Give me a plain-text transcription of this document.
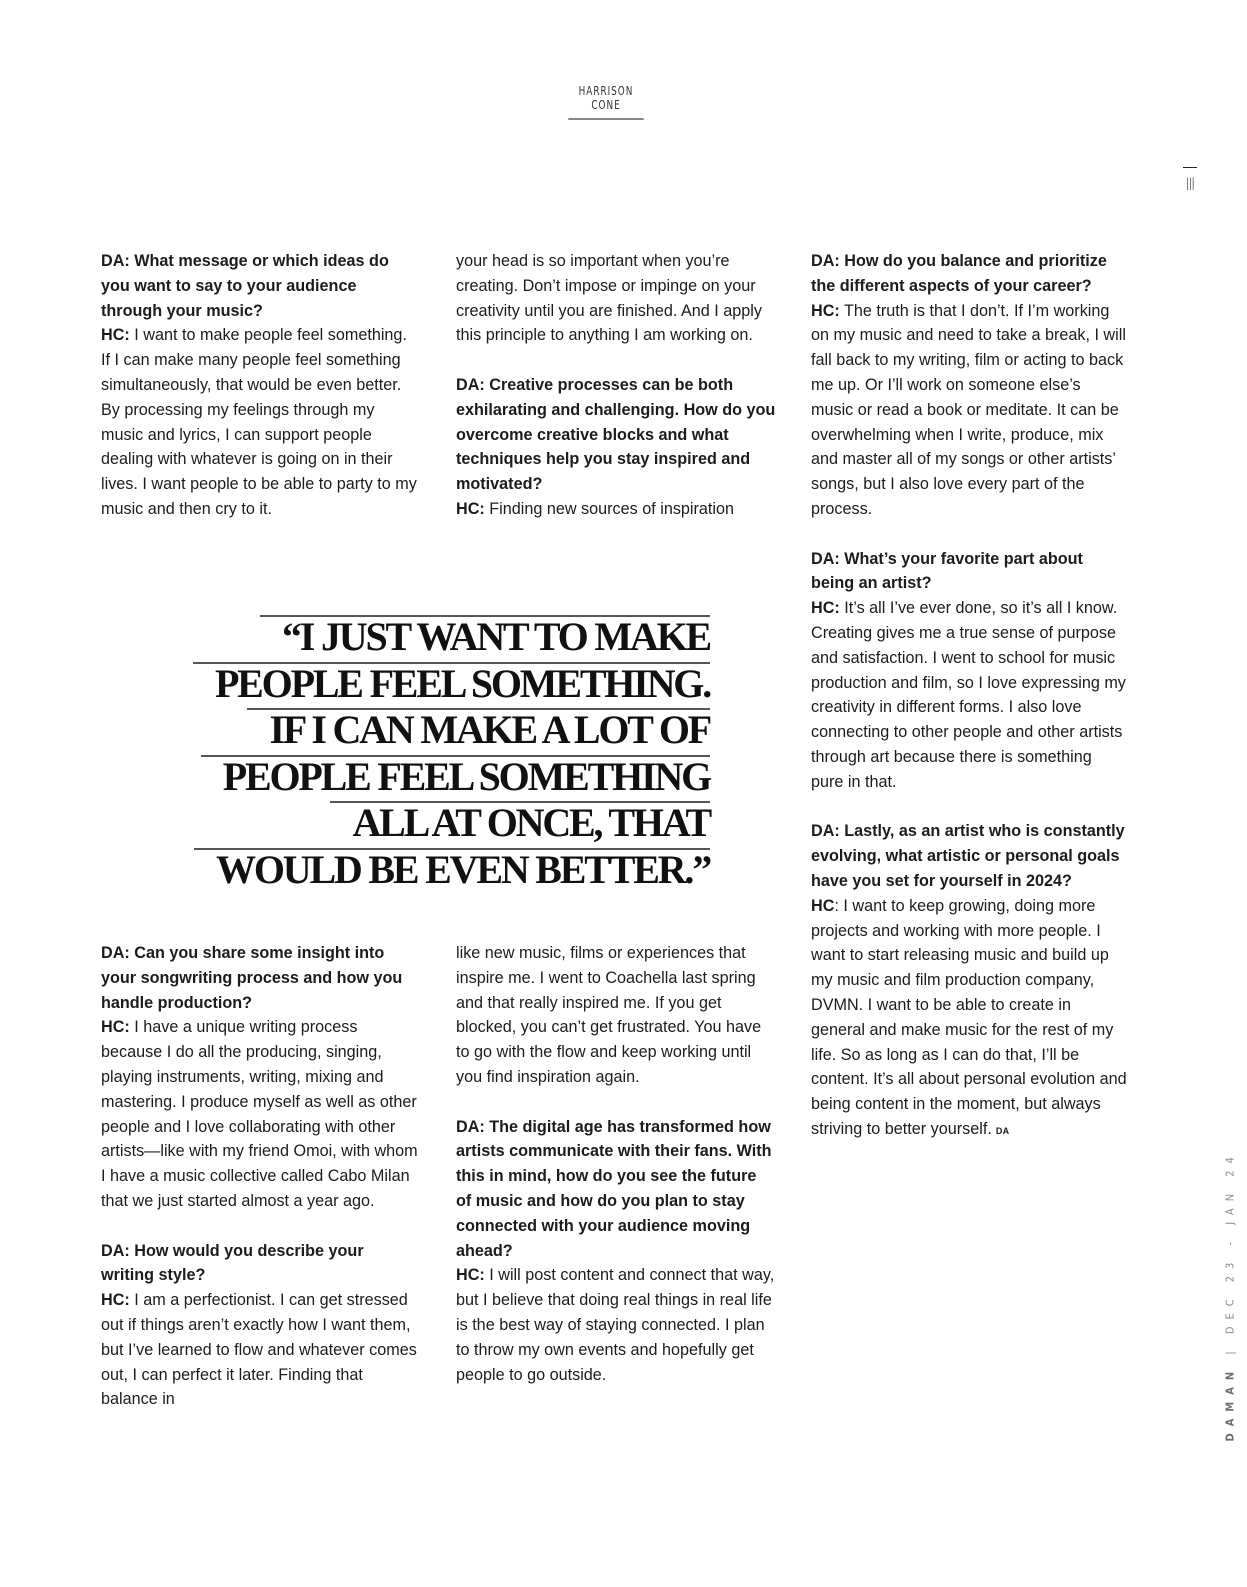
HARRISON CONE
III

DA: What message or which ideas do you want to say to your audience through your music?
HC: I want to make people feel something. If I can make many people feel something simultaneously, that would be even better. By processing my feelings through my music and lyrics, I can support people dealing with whatever is going on in their lives. I want people to be able to party to my music and then cry to it.

your head is so important when you’re creating. Don’t impose or impinge on your creativity until you are finished. And I apply this principle to anything I am working on.

DA: Creative processes can be both exhilarating and challenging. How do you overcome creative blocks and what techniques help you stay inspired and motivated?
HC: Finding new sources of inspiration

DA: How do you balance and prioritize the different aspects of your career?
HC: The truth is that I don’t. If I’m working on my music and need to take a break, I will fall back to my writing, film or acting to back me up. Or I’ll work on someone else’s music or read a book or meditate. It can be overwhelming when I write, produce, mix and master all of my songs or other artists’ songs, but I also love every part of the process.

DA: What’s your favorite part about being an artist?
HC: It’s all I’ve ever done, so it’s all I know. Creating gives me a true sense of purpose and satisfaction. I went to school for music production and film, so I love expressing my creativity in different forms. I also love connecting to other people and other artists through art because there is something pure in that.

DA: Lastly, as an artist who is constantly evolving, what artistic or personal goals have you set for yourself in 2024?
HC: I want to keep growing, doing more projects and working with more people. I want to start releasing music and build up my music and film production company, DVMN. I want to be able to create in general and make music for the rest of my life. So as long as I can do that, I’ll be content. It’s all about personal evolution and being content in the moment, but always striving to better yourself. DA

“I JUST WANT TO MAKE
PEOPLE FEEL SOMETHING.
IF I CAN MAKE A LOT OF
PEOPLE FEEL SOMETHING
ALL AT ONCE, THAT
WOULD BE EVEN BETTER.”

DA: Can you share some insight into your songwriting process and how you handle production?
HC: I have a unique writing process because I do all the producing, singing, playing instruments, writing, mixing and mastering. I produce myself as well as other people and I love collaborating with other artists—like with my friend Omoi, with whom I have a music collective called Cabo Milan that we just started almost a year ago.

DA: How would you describe your writing style?
HC: I am a perfectionist. I can get stressed out if things aren’t exactly how I want them, but I’ve learned to flow and whatever comes out, I can perfect it later. Finding that balance in

like new music, films or experiences that inspire me. I went to Coachella last spring and that really inspired me. If you get blocked, you can’t get frustrated. You have to go with the flow and keep working until you find inspiration again.

DA: The digital age has transformed how artists communicate with their fans. With this in mind, how do you see the future of music and how do you plan to stay connected with your audience moving ahead?
HC: I will post content and connect that way, but I believe that doing real things in real life is the best way of staying connected. I plan to throw my own events and hopefully get people to go outside.	DAMAN | DEC 23 - JAN 24
